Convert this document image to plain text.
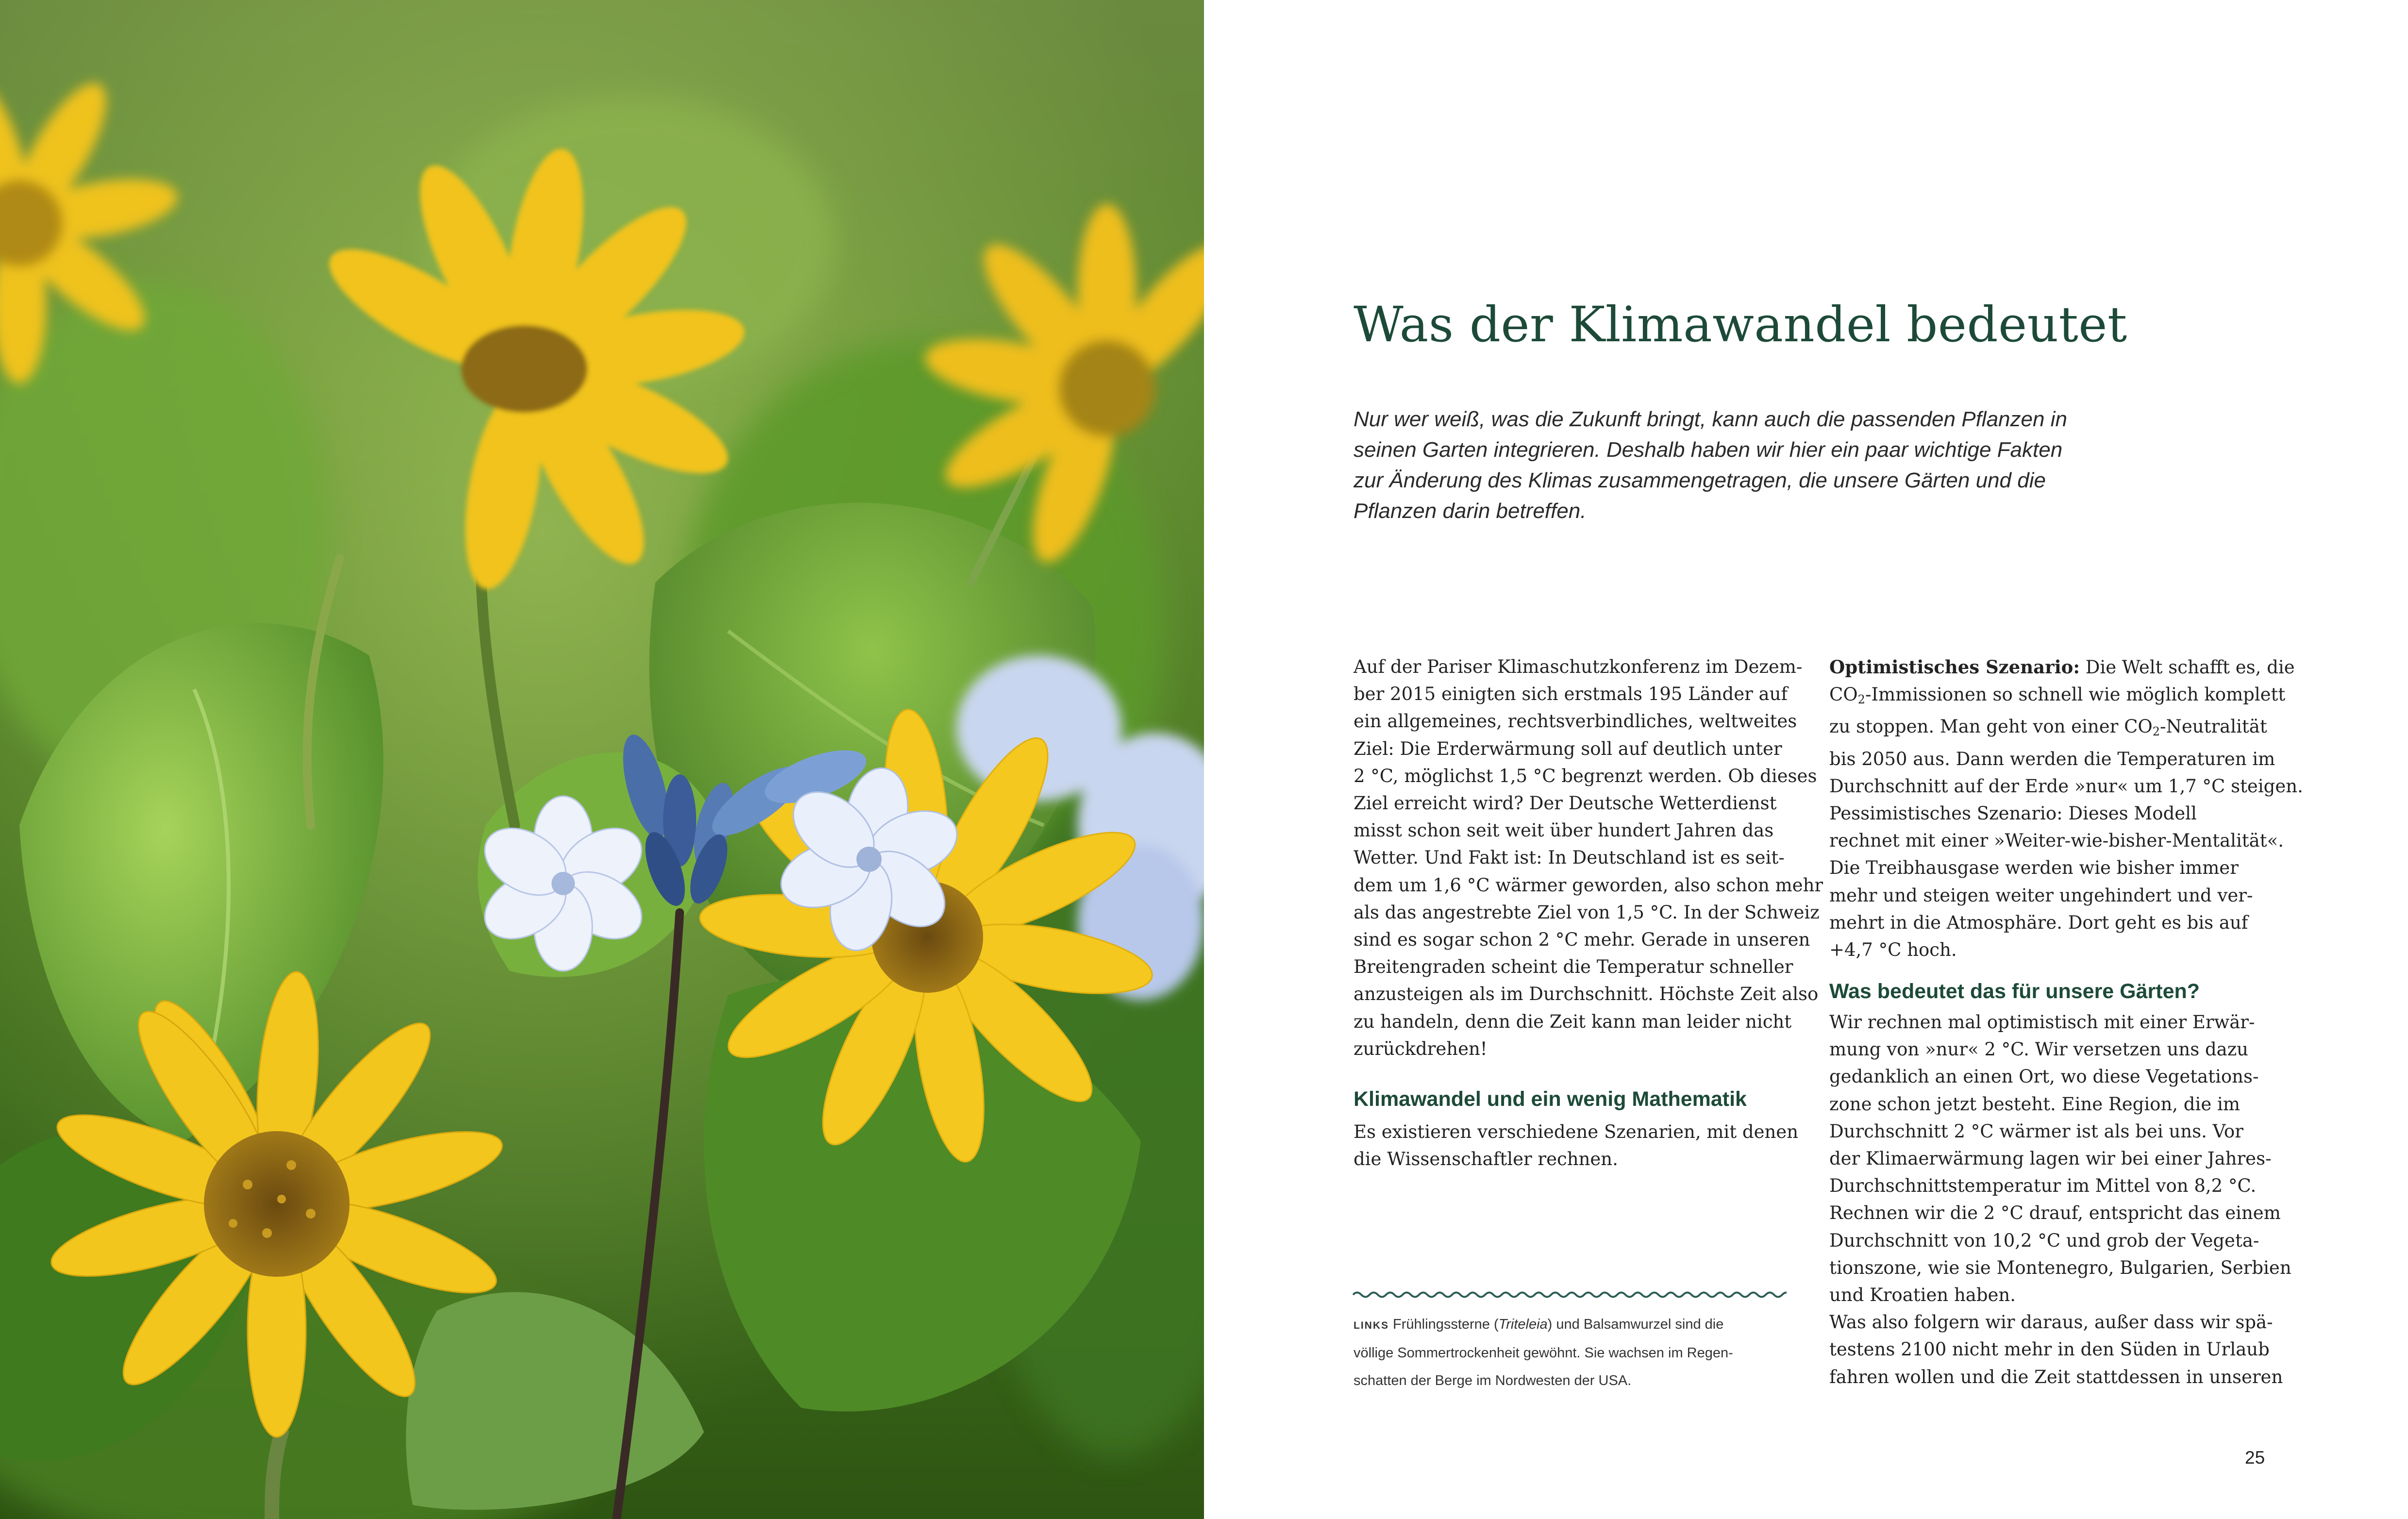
Was der Klimawandel bedeutet
Nur wer weiß, was die Zukunft bringt, kann auch die passenden Pflanzen in
seinen Garten integrieren. Deshalb haben wir hier ein paar wichtige Fakten
zur Änderung des Klimas zusammengetragen, die unsere Gärten und die
Pflanzen darin betreffen.
Auf der Pariser Klimaschutzkonferenz im Dezem-
ber 2015 einigten sich erstmals 195 Länder auf
ein allgemeines, rechtsverbindliches, weltweites
Ziel: Die Erderwärmung soll auf deutlich unter
2 °C, möglichst 1,5 °C begrenzt werden. Ob dieses
Ziel erreicht wird? Der Deutsche Wetterdienst
misst schon seit weit über hundert Jahren das
Wetter. Und Fakt ist: In Deutschland ist es seit-
dem um 1,6 °C wärmer geworden, also schon mehr
als das angestrebte Ziel von 1,5 °C. In der Schweiz
sind es sogar schon 2 °C mehr. Gerade in unseren
Breitengraden scheint die Temperatur schneller
anzusteigen als im Durchschnitt. Höchste Zeit also
zu handeln, denn die Zeit kann man leider nicht
zurückdrehen!
Klimawandel und ein wenig Mathematik
Es existieren verschiedene Szenarien, mit denen
die Wissenschaftler rechnen.
LINKS Frühlingssterne (Triteleia) und Balsamwurzel sind die
völlige Sommertrockenheit gewöhnt. Sie wachsen im Regen-
schatten der Berge im Nordwesten der USA.
Optimistisches Szenario: Die Welt schafft es, die
$CO_2$-Immissionen so schnell wie möglich komplett
zu stoppen. Man geht von einer $CO_2$-Neutralität
bis 2050 aus. Dann werden die Temperaturen im
Durchschnitt auf der Erde »nur« um 1,7 °C steigen.
Pessimistisches Szenario: Dieses Modell
rechnet mit einer »Weiter-wie-bisher-Mentalität«.
Die Treibhausgase werden wie bisher immer
mehr und steigen weiter ungehindert und ver-
mehrt in die Atmosphäre. Dort geht es bis auf
+4,7 °C hoch.
Was bedeutet das für unsere Gärten?
Wir rechnen mal optimistisch mit einer Erwär-
mung von »nur« 2 °C. Wir versetzen uns dazu
gedanklich an einen Ort, wo diese Vegetations-
zone schon jetzt besteht. Eine Region, die im
Durchschnitt 2 °C wärmer ist als bei uns. Vor
der Klimaerwärmung lagen wir bei einer Jahres-
Durchschnittstemperatur im Mittel von 8,2 °C.
Rechnen wir die 2 °C drauf, entspricht das einem
Durchschnitt von 10,2 °C und grob der Vegeta-
tionszone, wie sie Montenegro, Bulgarien, Serbien
und Kroatien haben.
Was also folgern wir daraus, außer dass wir spä-
testens 2100 nicht mehr in den Süden in Urlaub
fahren wollen und die Zeit stattdessen in unseren
25
